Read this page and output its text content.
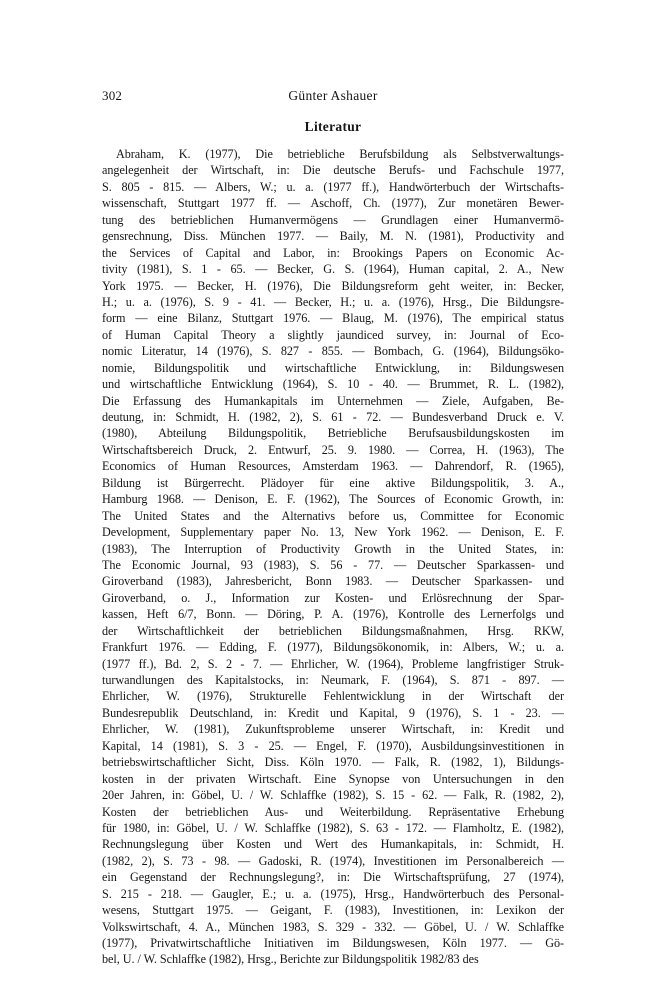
302	Günter Ashauer
Literatur
Abraham, K. (1977), Die betriebliche Berufsbildung als Selbstverwaltungs-
angelegenheit der Wirtschaft, in: Die deutsche Berufs- und Fachschule 1977,
S. 805 - 815. — Albers, W.; u. a. (1977 ff.), Handwörterbuch der Wirtschafts-
wissenschaft, Stuttgart 1977 ff. — Aschoff, Ch. (1977), Zur monetären Bewer-
tung des betrieblichen Humanvermögens — Grundlagen einer Humanvermö-
gensrechnung, Diss. München 1977. — Baily, M. N. (1981), Productivity and
the Services of Capital and Labor, in: Brookings Papers on Economic Ac-
tivity (1981), S. 1 - 65. — Becker, G. S. (1964), Human capital, 2. A., New
York 1975. — Becker, H. (1976), Die Bildungsreform geht weiter, in: Becker,
H.; u. a. (1976), S. 9 - 41. — Becker, H.; u. a. (1976), Hrsg., Die Bildungsre-
form — eine Bilanz, Stuttgart 1976. — Blaug, M. (1976), The empirical status
of Human Capital Theory a slightly jaundiced survey, in: Journal of Eco-
nomic Literatur, 14 (1976), S. 827 - 855. — Bombach, G. (1964), Bildungsöko-
nomie, Bildungspolitik und wirtschaftliche Entwicklung, in: Bildungswesen
und wirtschaftliche Entwicklung (1964), S. 10 - 40. — Brummet, R. L. (1982),
Die Erfassung des Humankapitals im Unternehmen — Ziele, Aufgaben, Be-
deutung, in: Schmidt, H. (1982, 2), S. 61 - 72. — Bundesverband Druck e. V.
(1980), Abteilung Bildungspolitik, Betriebliche Berufsausbildungskosten im
Wirtschaftsbereich Druck, 2. Entwurf, 25. 9. 1980. — Correa, H. (1963), The
Economics of Human Resources, Amsterdam 1963. — Dahrendorf, R. (1965),
Bildung ist Bürgerrecht. Plädoyer für eine aktive Bildungspolitik, 3. A.,
Hamburg 1968. — Denison, E. F. (1962), The Sources of Economic Growth, in:
The United States and the Alternativs before us, Committee for Economic
Development, Supplementary paper No. 13, New York 1962. — Denison, E. F.
(1983), The Interruption of Productivity Growth in the United States, in:
The Economic Journal, 93 (1983), S. 56 - 77. — Deutscher Sparkassen- und
Giroverband (1983), Jahresbericht, Bonn 1983. — Deutscher Sparkassen- und
Giroverband, o. J., Information zur Kosten- und Erlösrechnung der Spar-
kassen, Heft 6/7, Bonn. — Döring, P. A. (1976), Kontrolle des Lernerfolgs und
der Wirtschaftlichkeit der betrieblichen Bildungsmaßnahmen, Hrsg. RKW,
Frankfurt 1976. — Edding, F. (1977), Bildungsökonomik, in: Albers, W.; u. a.
(1977 ff.), Bd. 2, S. 2 - 7. — Ehrlicher, W. (1964), Probleme langfristiger Struk-
turwandlungen des Kapitalstocks, in: Neumark, F. (1964), S. 871 - 897. —
Ehrlicher, W. (1976), Strukturelle Fehlentwicklung in der Wirtschaft der
Bundesrepublik Deutschland, in: Kredit und Kapital, 9 (1976), S. 1 - 23. —
Ehrlicher, W. (1981), Zukunftsprobleme unserer Wirtschaft, in: Kredit und
Kapital, 14 (1981), S. 3 - 25. — Engel, F. (1970), Ausbildungsinvestitionen in
betriebswirtschaftlicher Sicht, Diss. Köln 1970. — Falk, R. (1982, 1), Bildungs-
kosten in der privaten Wirtschaft. Eine Synopse von Untersuchungen in den
20er Jahren, in: Göbel, U. / W. Schlaffke (1982), S. 15 - 62. — Falk, R. (1982, 2),
Kosten der betrieblichen Aus- und Weiterbildung. Repräsentative Erhebung
für 1980, in: Göbel, U. / W. Schlaffke (1982), S. 63 - 172. — Flamholtz, E. (1982),
Rechnungslegung über Kosten und Wert des Humankapitals, in: Schmidt, H.
(1982, 2), S. 73 - 98. — Gadoski, R. (1974), Investitionen im Personalbereich —
ein Gegenstand der Rechnungslegung?, in: Die Wirtschaftsprüfung, 27 (1974),
S. 215 - 218. — Gaugler, E.; u. a. (1975), Hrsg., Handwörterbuch des Personal-
wesens, Stuttgart 1975. — Geigant, F. (1983), Investitionen, in: Lexikon der
Volkswirtschaft, 4. A., München 1983, S. 329 - 332. — Göbel, U. / W. Schlaffke
(1977), Privatwirtschaftliche Initiativen im Bildungswesen, Köln 1977. — Gö-
bel, U. / W. Schlaffke (1982), Hrsg., Berichte zur Bildungspolitik 1982/83 des
